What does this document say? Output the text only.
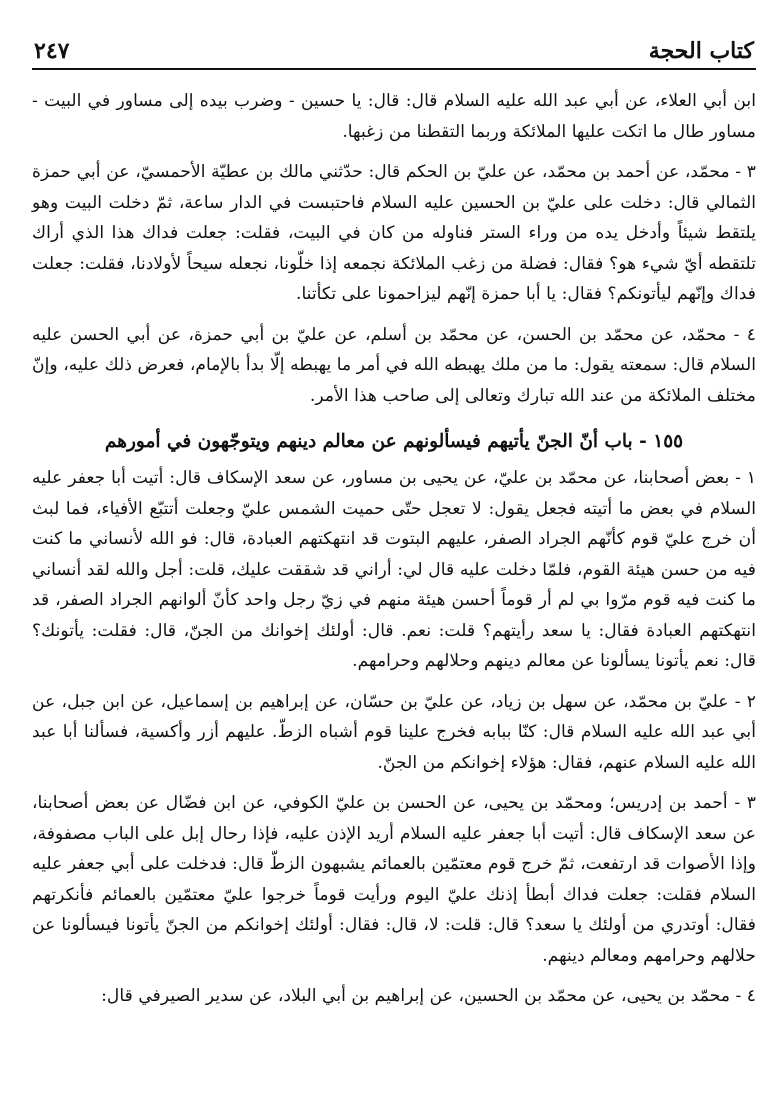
كتاب الحجة
٢٤٧

ابن أبي العلاء، عن أبي عبد الله عليه السلام قال: قال: يا حسين - وضرب بيده إلى مساور في البيت - مساور طال ما اتكت عليها الملائكة وربما التقطنا من زغبها.

٣ - محمّد، عن أحمد بن محمّد، عن عليّ بن الحكم قال: حدّثني مالك بن عطيّة الأحمسيّ، عن أبي حمزة الثمالي قال: دخلت على عليّ بن الحسين عليه السلام فاحتبست في الدار ساعة، ثمّ دخلت البيت وهو يلتقط شيئاً وأدخل يده من وراء الستر فناوله من كان في البيت، فقلت: جعلت فداك هذا الذي أراك تلتقطه أيّ شيء هو؟ فقال: فضلة من زغب الملائكة نجمعه إذا خلّونا، نجعله سيحاً لأولادنا، فقلت: جعلت فداك وإنّهم ليأتونكم؟ فقال: يا أبا حمزة إنّهم ليزاحمونا على تكأتنا.

٤ - محمّد، عن محمّد بن الحسن، عن محمّد بن أسلم، عن عليّ بن أبي حمزة، عن أبي الحسن عليه السلام قال: سمعته يقول: ما من ملك يهبطه الله في أمر ما يهبطه إلّا بدأ بالإمام، فعرض ذلك عليه، وإنّ مختلف الملائكة من عند الله تبارك وتعالى إلى صاحب هذا الأمر.

١٥٥ - باب أنّ الجنّ يأتيهم فيسألونهم عن معالم دينهم ويتوجّهون في أمورهم

١ - بعض أصحابنا، عن محمّد بن عليّ، عن يحيى بن مساور، عن سعد الإسكاف قال: أتيت أبا جعفر عليه السلام في بعض ما أتيته فجعل يقول: لا تعجل حتّى حميت الشمس عليّ وجعلت أتتبّع الأفياء، فما لبث أن خرج عليّ قوم كأنّهم الجراد الصفر، عليهم البتوت قد انتهكتهم العبادة، قال: فو الله لأنساني ما كنت فيه من حسن هيئة القوم، فلمّا دخلت عليه قال لي: أراني قد شققت عليك، قلت: أجل والله لقد أنساني ما كنت فيه قوم مرّوا بي لم أر قوماً أحسن هيئة منهم في زيّ رجل واحد كأنّ ألوانهم الجراد الصفر، قد انتهكتهم العبادة فقال: يا سعد رأيتهم؟ قلت: نعم. قال: أولئك إخوانك من الجنّ، قال: فقلت: يأتونك؟ قال: نعم يأتونا يسألونا عن معالم دينهم وحلالهم وحرامهم.

٢ - عليّ بن محمّد، عن سهل بن زياد، عن عليّ بن حسّان، عن إبراهيم بن إسماعيل، عن ابن جبل، عن أبي عبد الله عليه السلام قال: كنّا ببابه فخرج علينا قوم أشباه الزطّ. عليهم أزر وأكسية، فسألنا أبا عبد الله عليه السلام عنهم، فقال: هؤلاء إخوانكم من الجنّ.

٣ - أحمد بن إدريس؛ ومحمّد بن يحيى، عن الحسن بن عليّ الكوفي، عن ابن فضّال عن بعض أصحابنا، عن سعد الإسكاف قال: أتيت أبا جعفر عليه السلام أريد الإذن عليه، فإذا رحال إبل على الباب مصفوفة، وإذا الأصوات قد ارتفعت، ثمّ خرج قوم معتمّين بالعمائم يشبهون الزطّ قال: فدخلت على أبي جعفر عليه السلام فقلت: جعلت فداك أبطأ إذنك عليّ اليوم ورأيت قوماً خرجوا عليّ معتمّين بالعمائم فأنكرتهم فقال: أوتدري من أولئك يا سعد؟ قال: قلت: لا، قال: فقال: أولئك إخوانكم من الجنّ يأتونا فيسألونا عن حلالهم وحرامهم ومعالم دينهم.

٤ - محمّد بن يحيى، عن محمّد بن الحسين، عن إبراهيم بن أبي البلاد، عن سدير الصيرفي قال:
